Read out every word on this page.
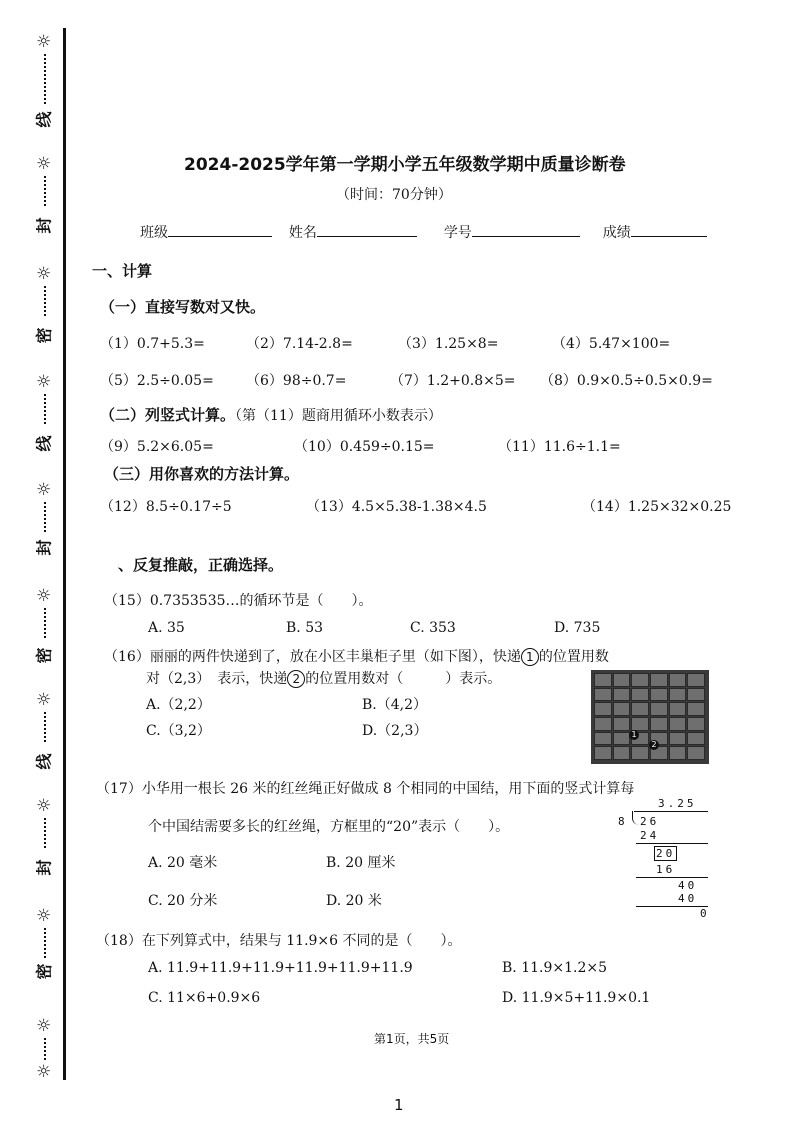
☼
线
☼
封
☼
密
☼
线
☼
封
☼
密
☼
线
☼
封
☼
密
☼
☼
2024-2025学年第一学期小学五年级数学期中质量诊断卷
（时间：70分钟）
班级	姓名	学号	成绩
一、计算
（一）直接写数对又快。
（1）0.7+5.3=	（2）7.14-2.8=	（3）1.25×8=	（4）5.47×100=
（5）2.5÷0.05= （6）98÷0.7=	（7）1.2+0.8×5= （8）0.9×0.5÷0.5×0.9=
（二）列竖式计算。（第（11）题商用循环小数表示）
（9）5.2×6.05=	（10）0.459÷0.15=	（11）11.6÷1.1=
（三）用你喜欢的方法计算。
（12）8.5÷0.17÷5	（13）4.5×5.38-1.38×4.5	（14）1.25×32×0.25
、反复推敲，正确选择。
（15）0.7353535…的循环节是（　　）。
A. 35	B. 53	C. 353	D. 735
（16）丽丽的两件快递到了，放在小区丰巢柜子里（如下图），快递 1 的位置用数
对（2,3）　表示，快递 2 的位置用数对（　　　）表示。
A.（2,2）	B.（4,2）
C.（3,2）	D.（2,3）	1
2
（17）小华用一根长 26 米的红丝绳正好做成 8 个相同的中国结，用下面的竖式计算每
个中国结需要多长的红丝绳，方框里的“20”表示（　　）。
A. 20 毫米	B. 20 厘米
C. 20 分米	D. 20 米
3.25
8 26
24
20
16
40
40
0
（18）在下列算式中，结果与 11.9×6 不同的是（　　）。
A. 11.9+11.9+11.9+11.9+11.9+11.9	B. 11.9×1.2×5
C. 11×6+0.9×6	D. 11.9×5+11.9×0.1
第1页，共5页
1
